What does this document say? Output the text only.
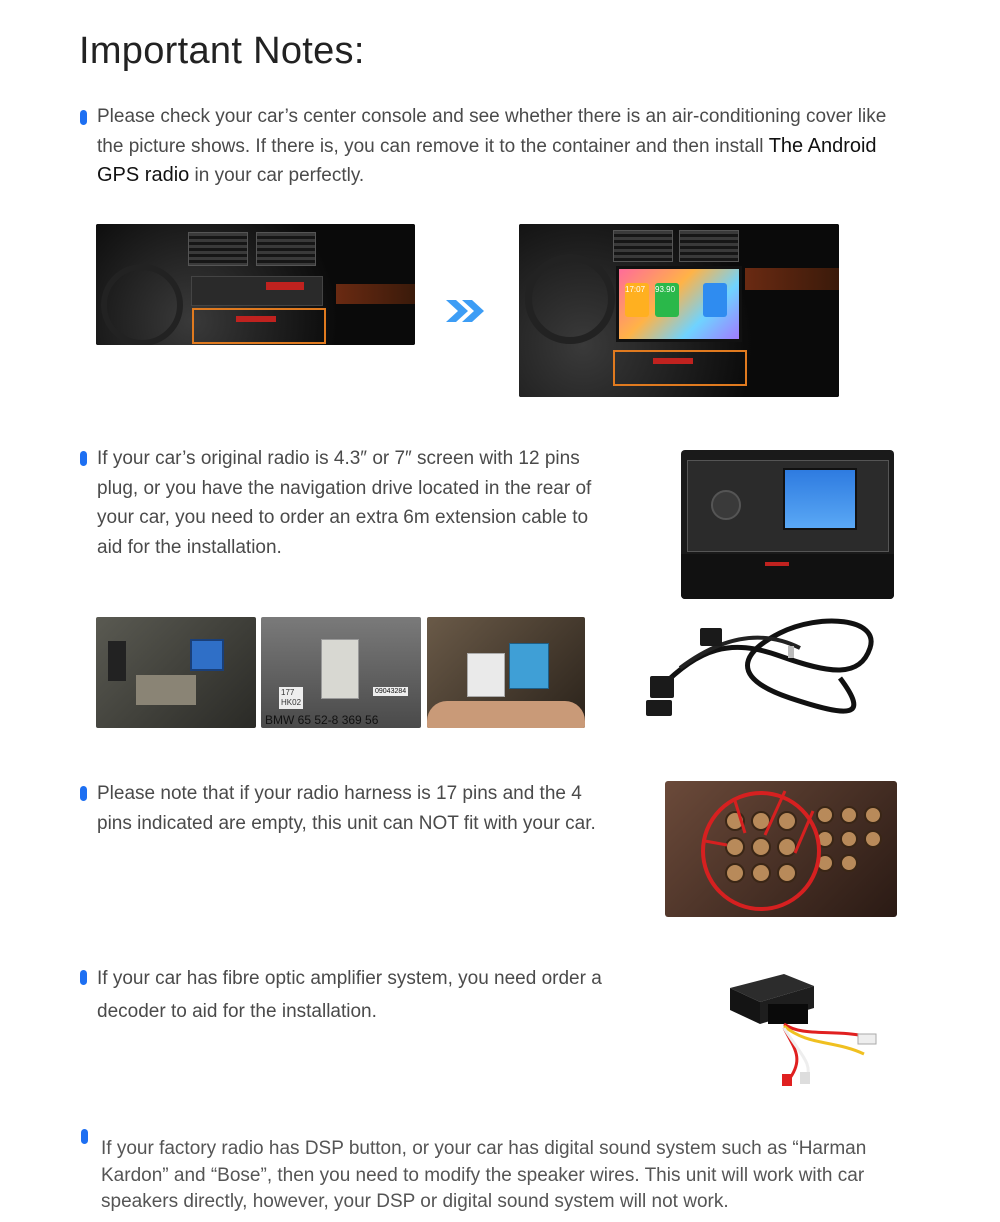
Important Notes:
Please check your car’s center console and see whether there is an air-conditioning cover like
the picture shows. If there is, you can remove it to the container and then install The Android
GPS radio in your car perfectly.
17:07 93.90
If your car’s original radio is 4.3″ or 7″ screen with 12 pins
plug, or you have the navigation drive located in the rear of
your car, you need to order an extra 6m extension cable to
aid for the installation.
177
HK02
09043284
BMW 65 52-8 369 56
Please note that if your radio harness is 17 pins and the 4
pins indicated are empty, this unit can NOT fit with your car.
If your car has fibre optic amplifier system, you need order a
decoder to aid for the installation.
If your factory radio has DSP button, or your car has digital sound system such as “Harman
Kardon” and “Bose”, then you need to modify the speaker wires. This unit will work with car
speakers directly, however, your DSP or digital sound system will not work.
